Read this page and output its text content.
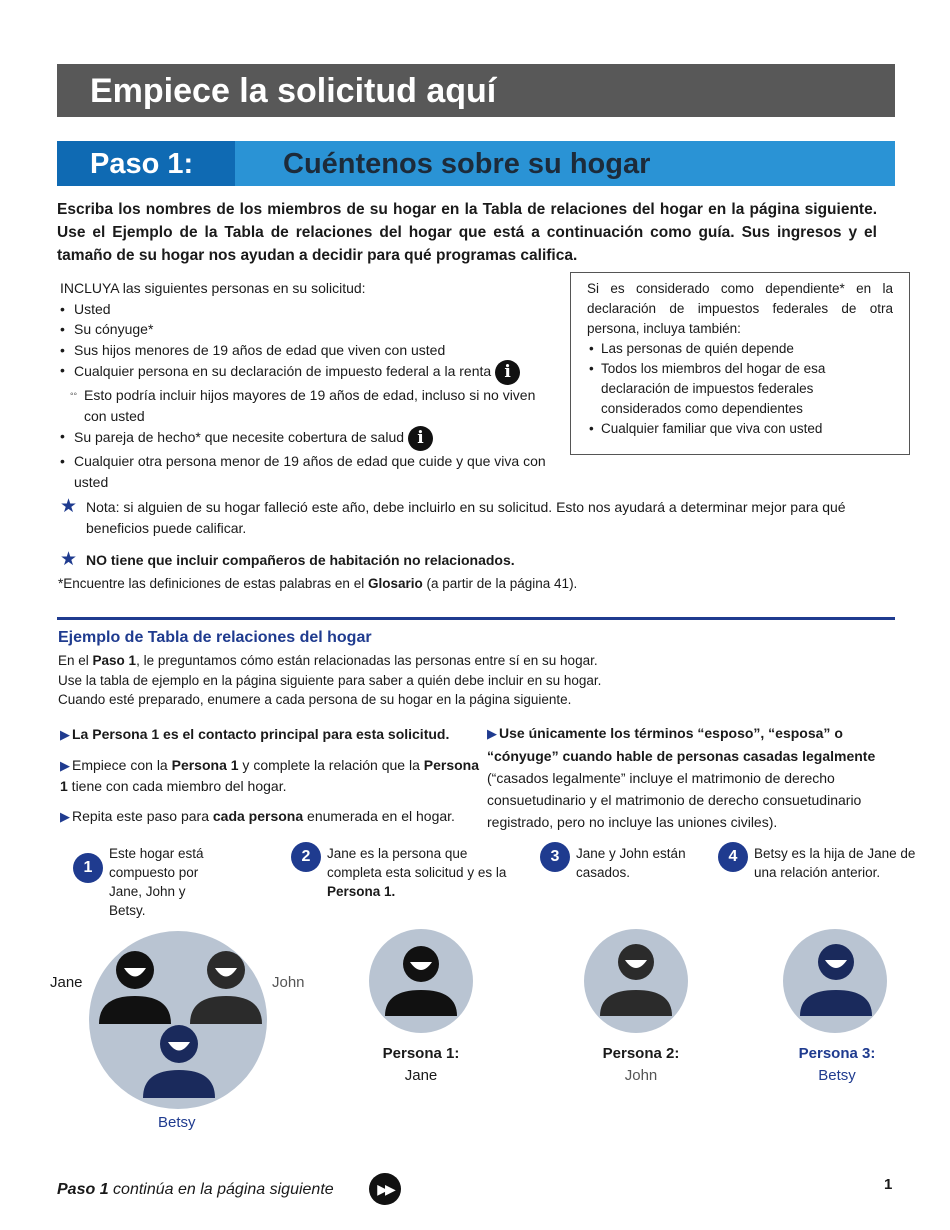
Empiece la solicitud aquí
Paso 1:	Cuéntenos sobre su hogar
Escriba los nombres de los miembros de su hogar en la Tabla de relaciones del hogar en la página siguiente. Use el Ejemplo de la Tabla de relaciones del hogar que está a continuación como guía. Sus ingresos y el tamaño de su hogar nos ayudan a decidir para qué programas califica.
INCLUYA las siguientes personas en su solicitud:
• Usted
• Su cónyuge*
• Sus hijos menores de 19 años de edad que viven con usted
• Cualquier persona en su declaración de impuesto federal a la renta i
◦◦ Esto podría incluir hijos mayores de 19 años de edad, incluso si no viven con usted
• Su pareja de hecho* que necesite cobertura de salud i
• Cualquier otra persona menor de 19 años de edad que cuide y que viva con usted
Si es considerado como dependiente* en la declaración de impuestos federales de otra persona, incluya también:
• Las personas de quién depende
• Todos los miembros del hogar de esa declaración de impuestos federales considerados como dependientes
• Cualquier familiar que viva con usted
★ Nota: si alguien de su hogar falleció este año, debe incluirlo en su solicitud. Esto nos ayudará a determinar mejor para qué beneficios puede calificar.
★ NO tiene que incluir compañeros de habitación no relacionados.
*Encuentre las definiciones de estas palabras en el Glosario (a partir de la página 41).
Ejemplo de Tabla de relaciones del hogar
En el Paso 1, le preguntamos cómo están relacionadas las personas entre sí en su hogar.
Use la tabla de ejemplo en la página siguiente para saber a quién debe incluir en su hogar.
Cuando esté preparado, enumere a cada persona de su hogar en la página siguiente.

▶ La Persona 1 es el contacto principal para esta solicitud.

▶ Empiece con la Persona 1 y complete la relación que la Persona 1 tiene con cada miembro del hogar.

▶ Repita este paso para cada persona enumerada en el hogar.

▶ Use únicamente los términos “esposo”, “esposa” o “cónyuge” cuando hable de personas casadas legalmente (“casados legalmente” incluye el matrimonio de derecho consuetudinario y el matrimonio de derecho consuetudinario registrado, pero no incluye las uniones civiles).
1
Este hogar está compuesto por Jane, John y Betsy.
2	Jane es la persona que completa esta solicitud y es la Persona 1.
3	Jane y John están casados.
4	Betsy es la hija de Jane de una relación anterior.
Jane	John
Betsy
Persona 1:
Jane
Persona 2:
John
Persona 3:
Betsy
Paso 1 continúa en la página siguiente	▶▶	1
